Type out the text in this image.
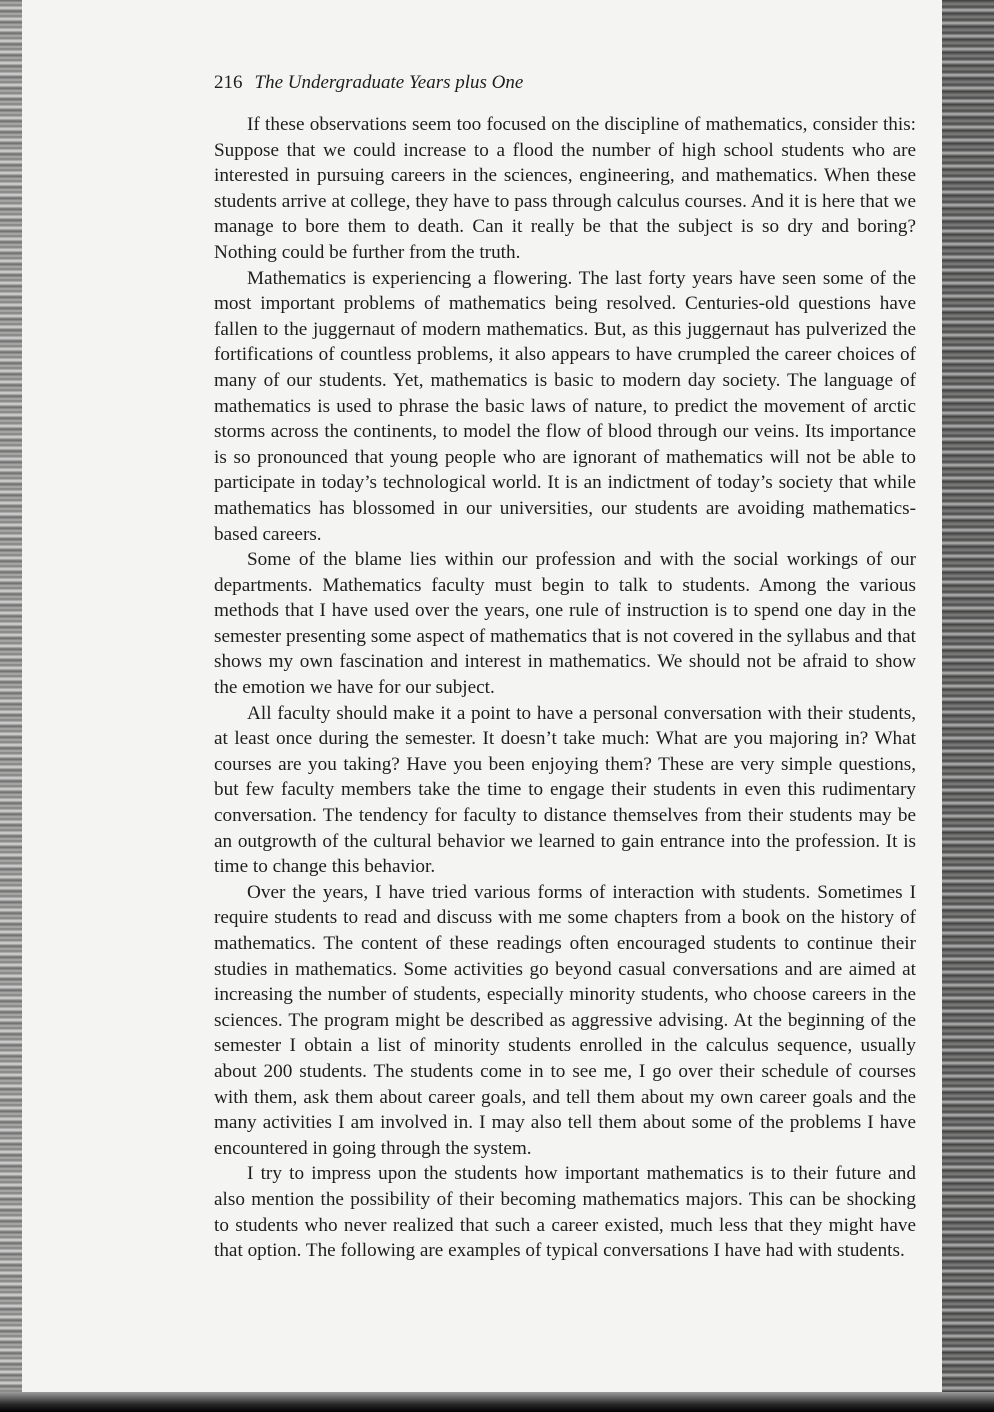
216 The Undergraduate Years plus One

If these observations seem too focused on the discipline of mathematics, consider this: Suppose that we could increase to a flood the number of high school students who are interested in pursuing careers in the sciences, engineering, and mathematics. When these students arrive at college, they have to pass through calculus courses. And it is here that we manage to bore them to death. Can it really be that the subject is so dry and boring? Nothing could be further from the truth.

Mathematics is experiencing a flowering. The last forty years have seen some of the most important problems of mathematics being resolved. Centuries-old questions have fallen to the juggernaut of modern mathematics. But, as this juggernaut has pulverized the fortifications of countless problems, it also appears to have crumpled the career choices of many of our students. Yet, mathematics is basic to modern day society. The language of mathematics is used to phrase the basic laws of nature, to predict the movement of arctic storms across the continents, to model the flow of blood through our veins. Its importance is so pronounced that young people who are ignorant of mathematics will not be able to participate in today’s technological world. It is an indictment of today’s society that while mathematics has blossomed in our universities, our students are avoiding mathematics-based careers.

Some of the blame lies within our profession and with the social workings of our departments. Mathematics faculty must begin to talk to students. Among the various methods that I have used over the years, one rule of instruction is to spend one day in the semester presenting some aspect of mathematics that is not covered in the syllabus and that shows my own fascination and interest in mathematics. We should not be afraid to show the emotion we have for our subject.

All faculty should make it a point to have a personal conversation with their students, at least once during the semester. It doesn’t take much: What are you majoring in? What courses are you taking? Have you been enjoying them? These are very simple questions, but few faculty members take the time to engage their students in even this rudimentary conversation. The tendency for faculty to distance themselves from their students may be an outgrowth of the cultural behavior we learned to gain entrance into the profession. It is time to change this behavior.

Over the years, I have tried various forms of interaction with students. Sometimes I require students to read and discuss with me some chapters from a book on the history of mathematics. The content of these readings often encouraged students to continue their studies in mathematics. Some activities go beyond casual conversations and are aimed at increasing the number of students, especially minority students, who choose careers in the sciences. The program might be described as aggressive advising. At the beginning of the semester I obtain a list of minority students enrolled in the calculus sequence, usually about 200 students. The students come in to see me, I go over their schedule of courses with them, ask them about career goals, and tell them about my own career goals and the many activities I am involved in. I may also tell them about some of the problems I have encountered in going through the system.

I try to impress upon the students how important mathematics is to their future and also mention the possibility of their becoming mathematics majors. This can be shocking to students who never realized that such a career existed, much less that they might have that option. The following are examples of typical conversations I have had with students.
